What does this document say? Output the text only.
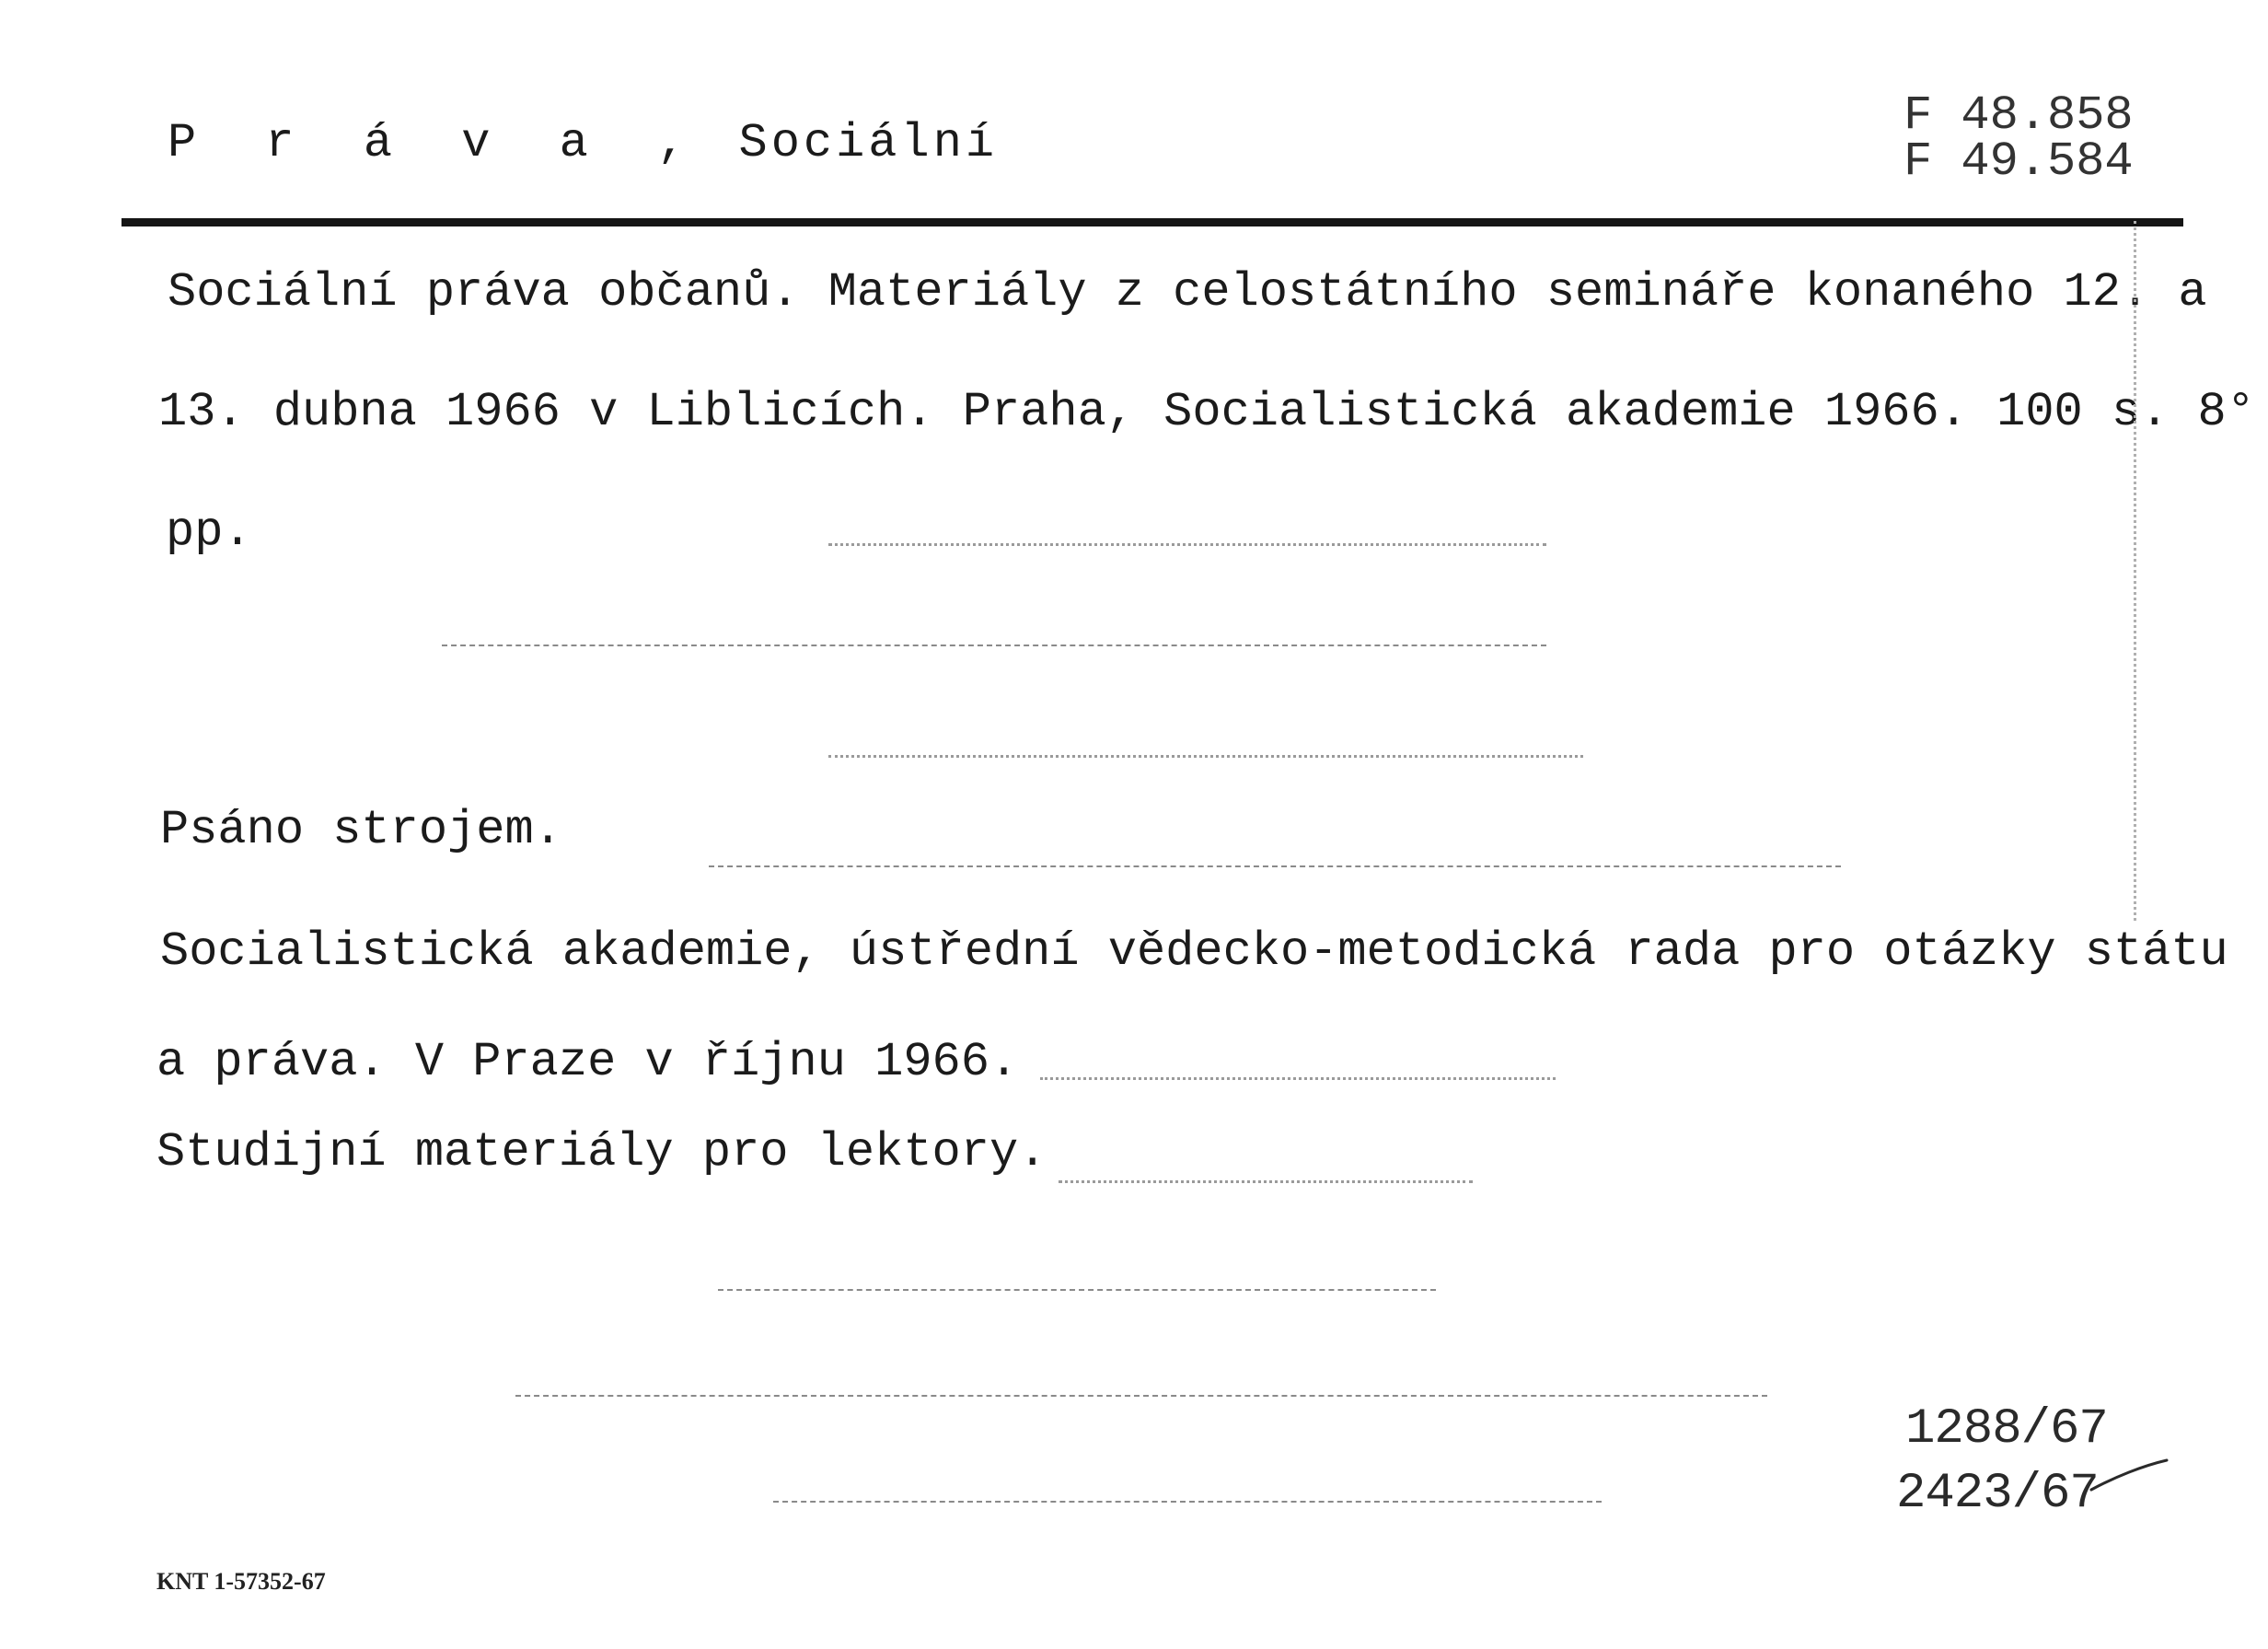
P r á v a , Sociální
F 48.858
F 49.584
Sociální práva občanů. Materiály z celostátního semináře konaného 12. a
13. dubna 1966 v Liblicích. Praha, Socialistická akademie 1966. 100 s. 8°
pp.
Psáno strojem.
Socialistická akademie, ústřední vědecko-metodická rada pro otázky státu
a práva. V Praze v říjnu 1966.
Studijní materiály pro lektory.
1288/67
2423/67
KNT 1-57352-67
